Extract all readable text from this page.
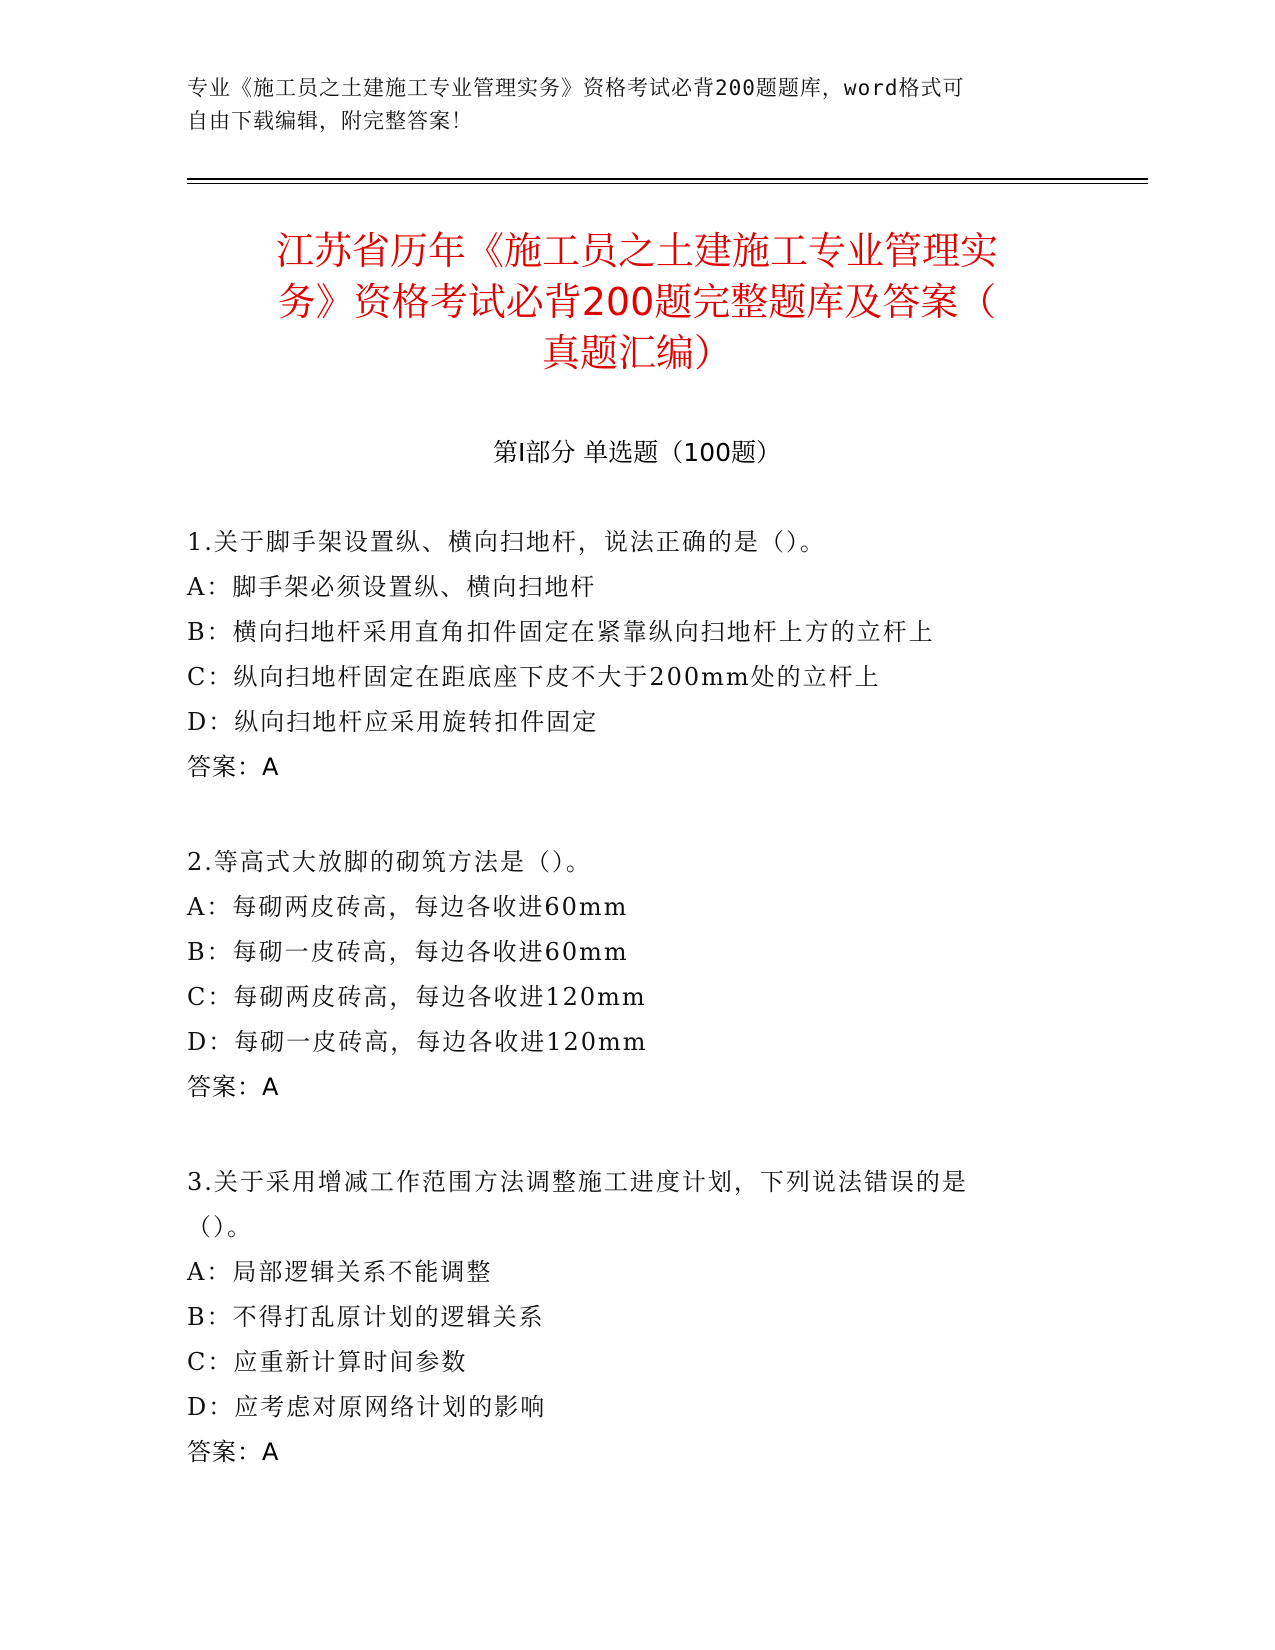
专业《施工员之土建施工专业管理实务》资格考试必背200题题库，word格式可
自由下载编辑，附完整答案！
江苏省历年《施工员之土建施工专业管理实
务》资格考试必背200题完整题库及答案（
真题汇编）
第Ⅰ部分 单选题（100题）
1.关于脚手架设置纵、横向扫地杆，说法正确的是（）。
A：脚手架必须设置纵、横向扫地杆
B：横向扫地杆采用直角扣件固定在紧靠纵向扫地杆上方的立杆上
C：纵向扫地杆固定在距底座下皮不大于200mm处的立杆上
D：纵向扫地杆应采用旋转扣件固定
答案：A
2.等高式大放脚的砌筑方法是（）。
A：每砌两皮砖高，每边各收进60mm
B：每砌一皮砖高，每边各收进60mm
C：每砌两皮砖高，每边各收进120mm
D：每砌一皮砖高，每边各收进120mm
答案：A
3.关于采用增减工作范围方法调整施工进度计划，下列说法错误的是
（）。
A：局部逻辑关系不能调整
B：不得打乱原计划的逻辑关系
C：应重新计算时间参数
D：应考虑对原网络计划的影响
答案：A
